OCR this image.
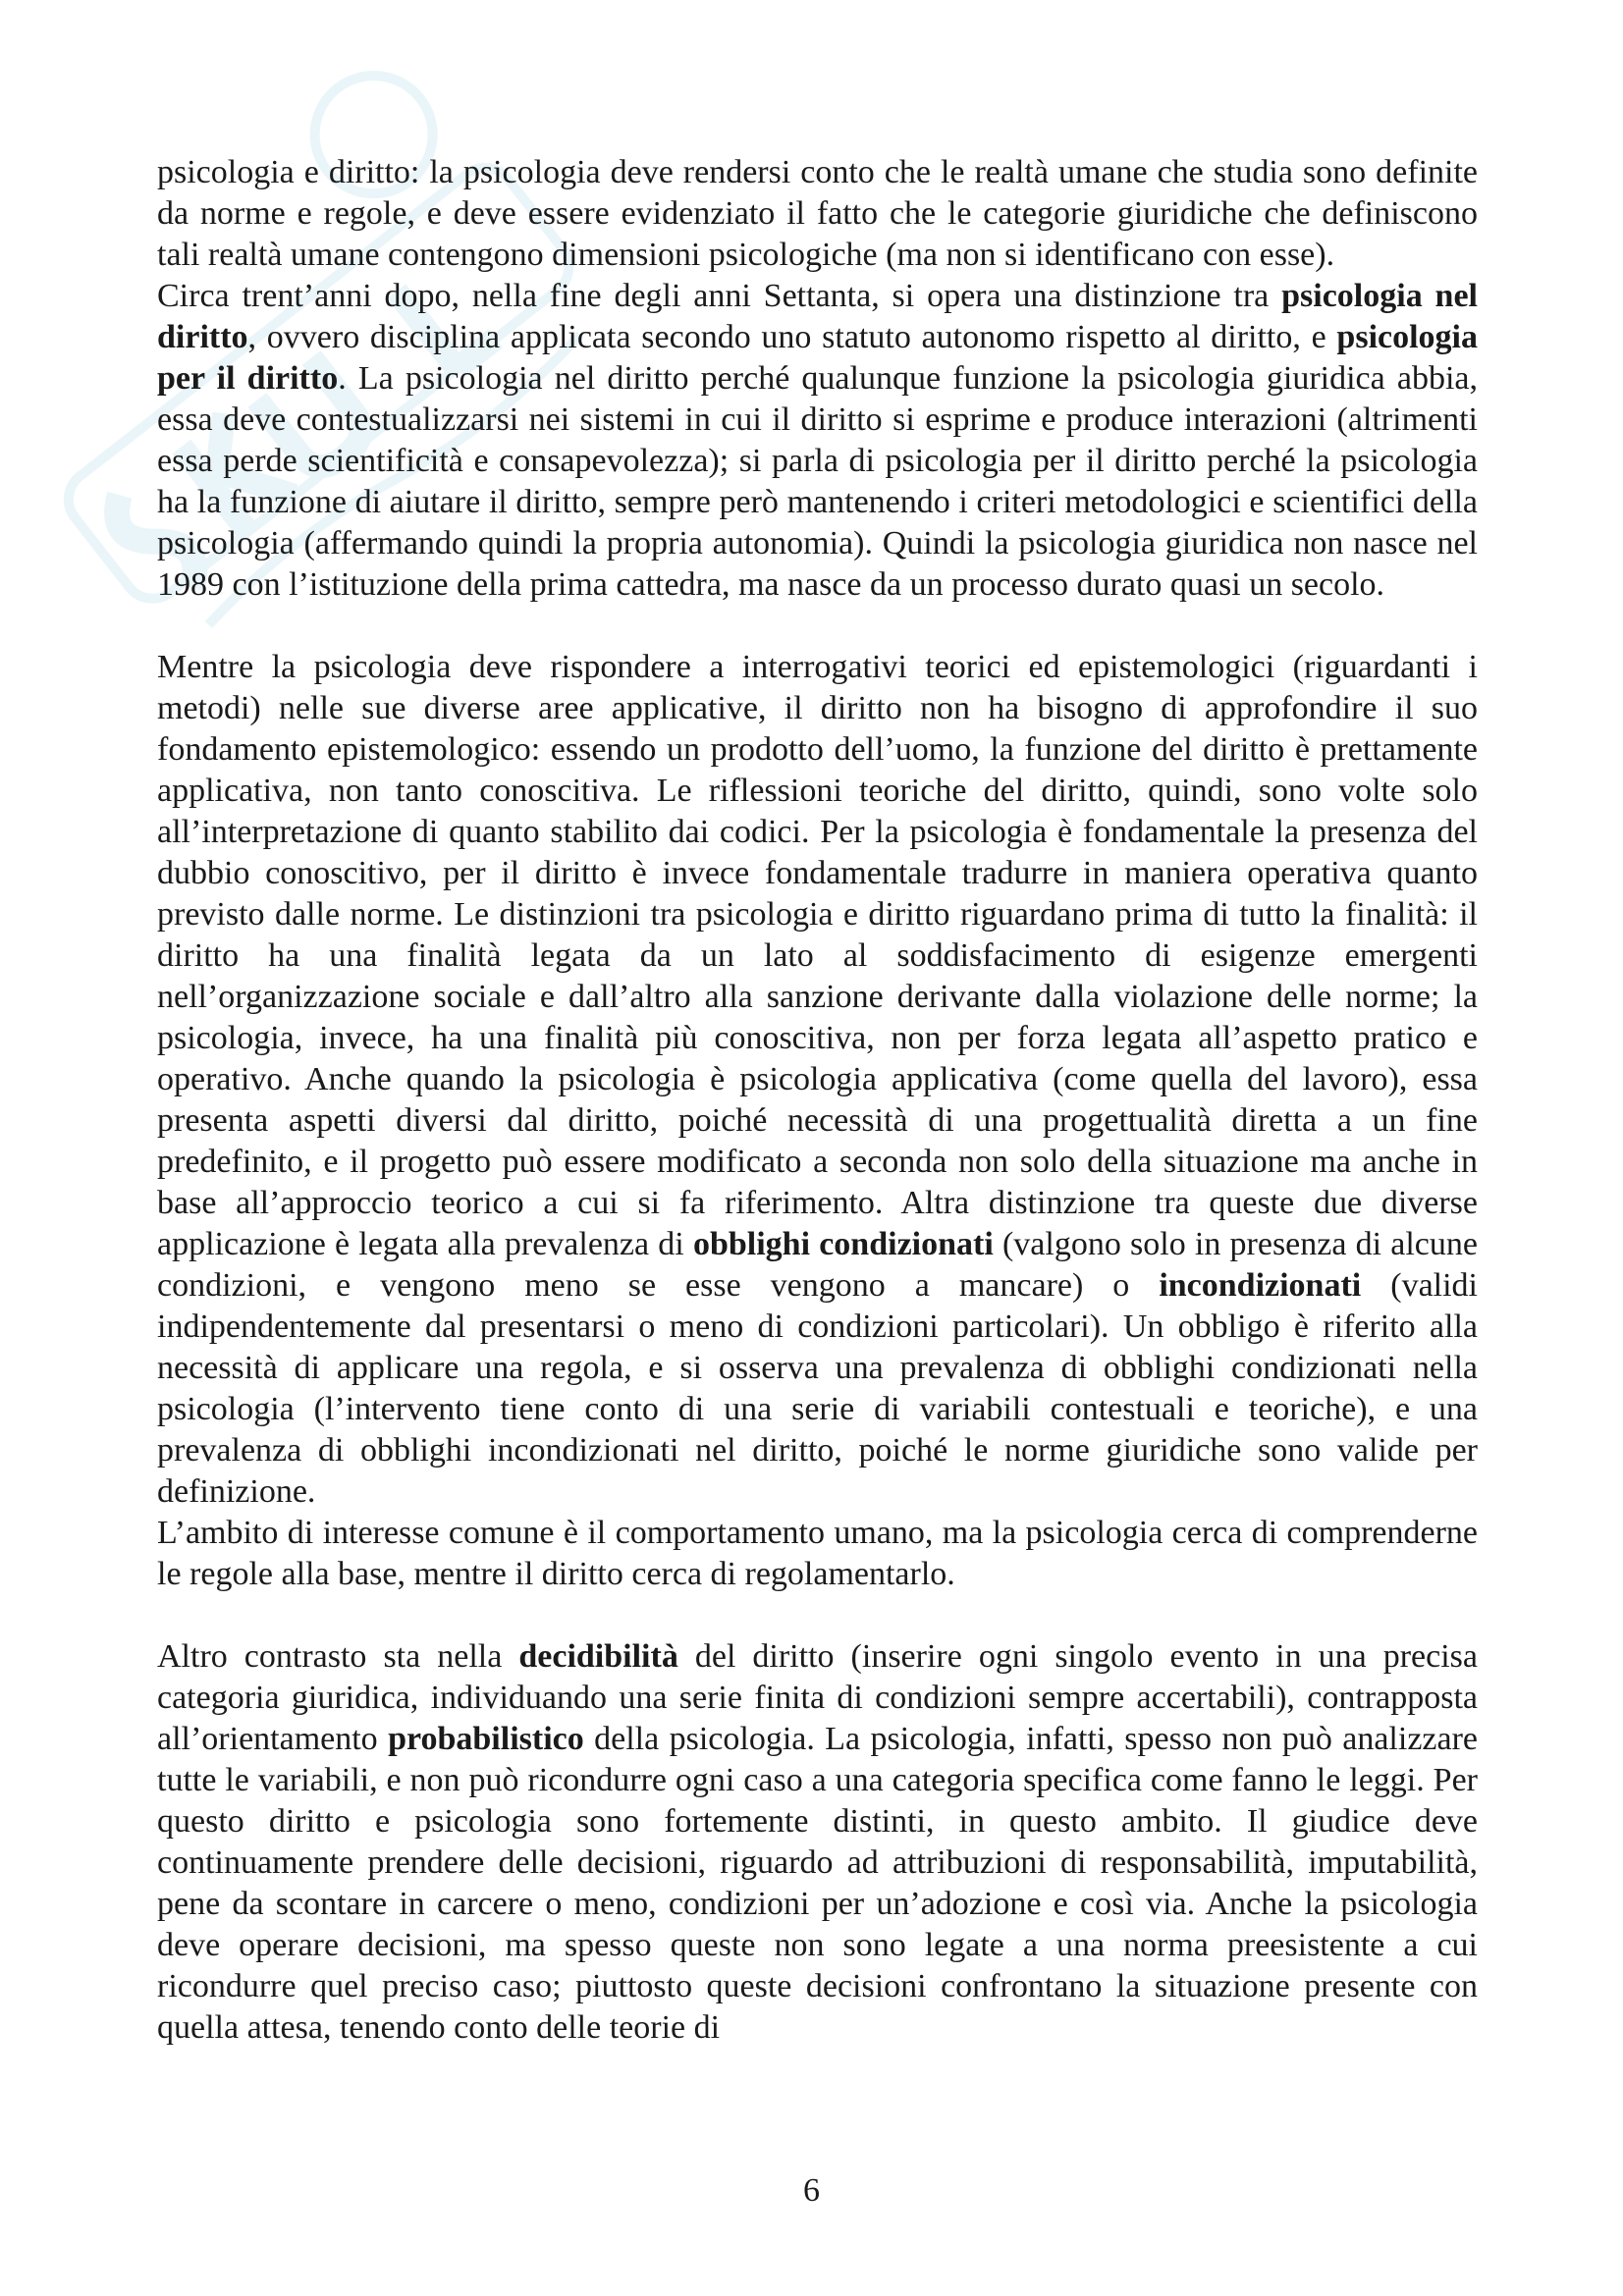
psicologia e diritto: la psicologia deve rendersi conto che le realtà umane che studia sono definite da norme e regole, e deve essere evidenziato il fatto che le categorie giuridiche che definiscono tali realtà umane contengono dimensioni psicologiche (ma non si identificano con esse).

Circa trent’anni dopo, nella fine degli anni Settanta, si opera una distinzione tra psicologia nel diritto, ovvero disciplina applicata secondo uno statuto autonomo rispetto al diritto, e psicologia per il diritto. La psicologia nel diritto perché qualunque funzione la psicologia giuridica abbia, essa deve contestualizzarsi nei sistemi in cui il diritto si esprime e produce interazioni (altrimenti essa perde scientificità e consapevolezza); si parla di psicologia per il diritto perché la psicologia ha la funzione di aiutare il diritto, sempre però mantenendo i criteri metodologici e scientifici della psicologia (affermando quindi la propria autonomia). Quindi la psicologia giuridica non nasce nel 1989 con l’istituzione della prima cattedra, ma nasce da un processo durato quasi un secolo.

Mentre la psicologia deve rispondere a interrogativi teorici ed epistemologici (riguardanti i metodi) nelle sue diverse aree applicative, il diritto non ha bisogno di approfondire il suo fondamento epistemologico: essendo un prodotto dell’uomo, la funzione del diritto è prettamente applicativa, non tanto conoscitiva. Le riflessioni teoriche del diritto, quindi, sono volte solo all’interpretazione di quanto stabilito dai codici. Per la psicologia è fondamentale la presenza del dubbio conoscitivo, per il diritto è invece fondamentale tradurre in maniera operativa quanto previsto dalle norme. Le distinzioni tra psicologia e diritto riguardano prima di tutto la finalità: il diritto ha una finalità legata da un lato al soddisfacimento di esigenze emergenti nell’organizzazione sociale e dall’altro alla sanzione derivante dalla violazione delle norme; la psicologia, invece, ha una finalità più conoscitiva, non per forza legata all’aspetto pratico e operativo. Anche quando la psicologia è psicologia applicativa (come quella del lavoro), essa presenta aspetti diversi dal diritto, poiché necessità di una progettualità diretta a un fine predefinito, e il progetto può essere modificato a seconda non solo della situazione ma anche in base all’approccio teorico a cui si fa riferimento. Altra distinzione tra queste due diverse applicazione è legata alla prevalenza di obblighi condizionati (valgono solo in presenza di alcune condizioni, e vengono meno se esse vengono a mancare) o incondizionati (validi indipendentemente dal presentarsi o meno di condizioni particolari). Un obbligo è riferito alla necessità di applicare una regola, e si osserva una prevalenza di obblighi condizionati nella psicologia (l’intervento tiene conto di una serie di variabili contestuali e teoriche), e una prevalenza di obblighi incondizionati nel diritto, poiché le norme giuridiche sono valide per definizione.

L’ambito di interesse comune è il comportamento umano, ma la psicologia cerca di comprenderne le regole alla base, mentre il diritto cerca di regolamentarlo.

Altro contrasto sta nella decidibilità del diritto (inserire ogni singolo evento in una precisa categoria giuridica, individuando una serie finita di condizioni sempre accertabili), contrapposta all’orientamento probabilistico della psicologia. La psicologia, infatti, spesso non può analizzare tutte le variabili, e non può ricondurre ogni caso a una categoria specifica come fanno le leggi. Per questo diritto e psicologia sono fortemente distinti, in questo ambito. Il giudice deve continuamente prendere delle decisioni, riguardo ad attribuzioni di responsabilità, imputabilità, pene da scontare in carcere o meno, condizioni per un’adozione e così via. Anche la psicologia deve operare decisioni, ma spesso queste non sono legate a una norma preesistente a cui ricondurre quel preciso caso; piuttosto queste decisioni confrontano la situazione presente con quella attesa, tenendo conto delle teorie di

6
